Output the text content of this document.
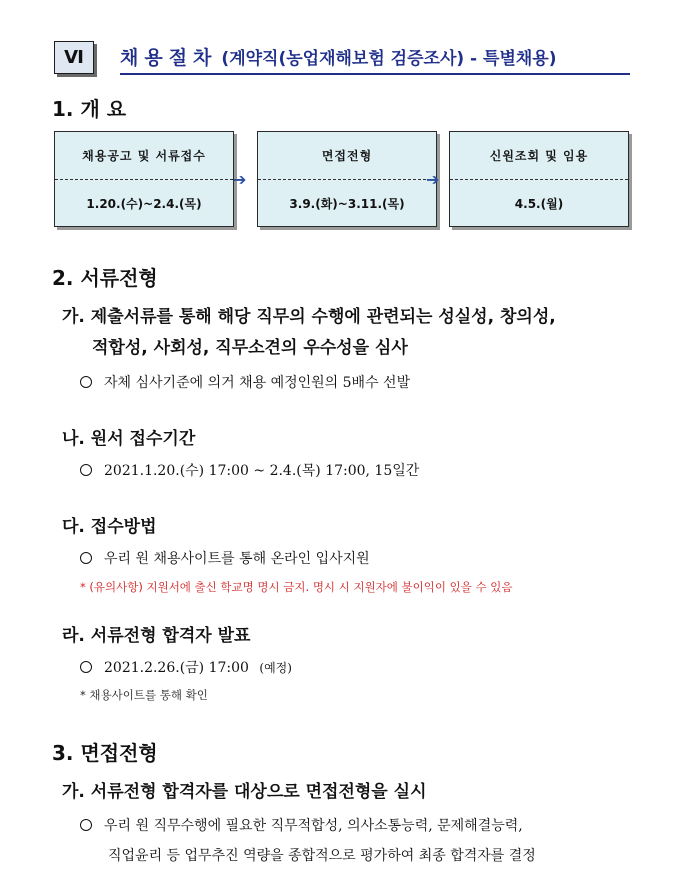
Ⅵ 채용절차 (계약직(농업재해보험 검증조사) - 특별채용)
1. 개 요
채용공고 및 서류접수
1.20.(수)~2.4.(목)
➔
면접전형
3.9.(화)~3.11.(목)
➔
신원조회 및 임용
4.5.(월)
2. 서류전형
가. 제출서류를 통해 해당 직무의 수행에 관련되는 성실성, 창의성,
적합성, 사회성, 직무소견의 우수성을 심사
자체 심사기준에 의거 채용 예정인원의 5배수 선발
나. 원서 접수기간
2021.1.20.(수) 17:00 ~ 2.4.(목) 17:00, 15일간
다. 접수방법
우리 원 채용사이트를 통해 온라인 입사지원
* (유의사항) 지원서에 출신 학교명 명시 금지. 명시 시 지원자에 불이익이 있을 수 있음
라. 서류전형 합격자 발표
2021.2.26.(금) 17:00 (예정)
* 채용사이트를 통해 확인
3. 면접전형
가. 서류전형 합격자를 대상으로 면접전형을 실시
우리 원 직무수행에 필요한 직무적합성, 의사소통능력, 문제해결능력,
직업윤리 등 업무추진 역량을 종합적으로 평가하여 최종 합격자를 결정
